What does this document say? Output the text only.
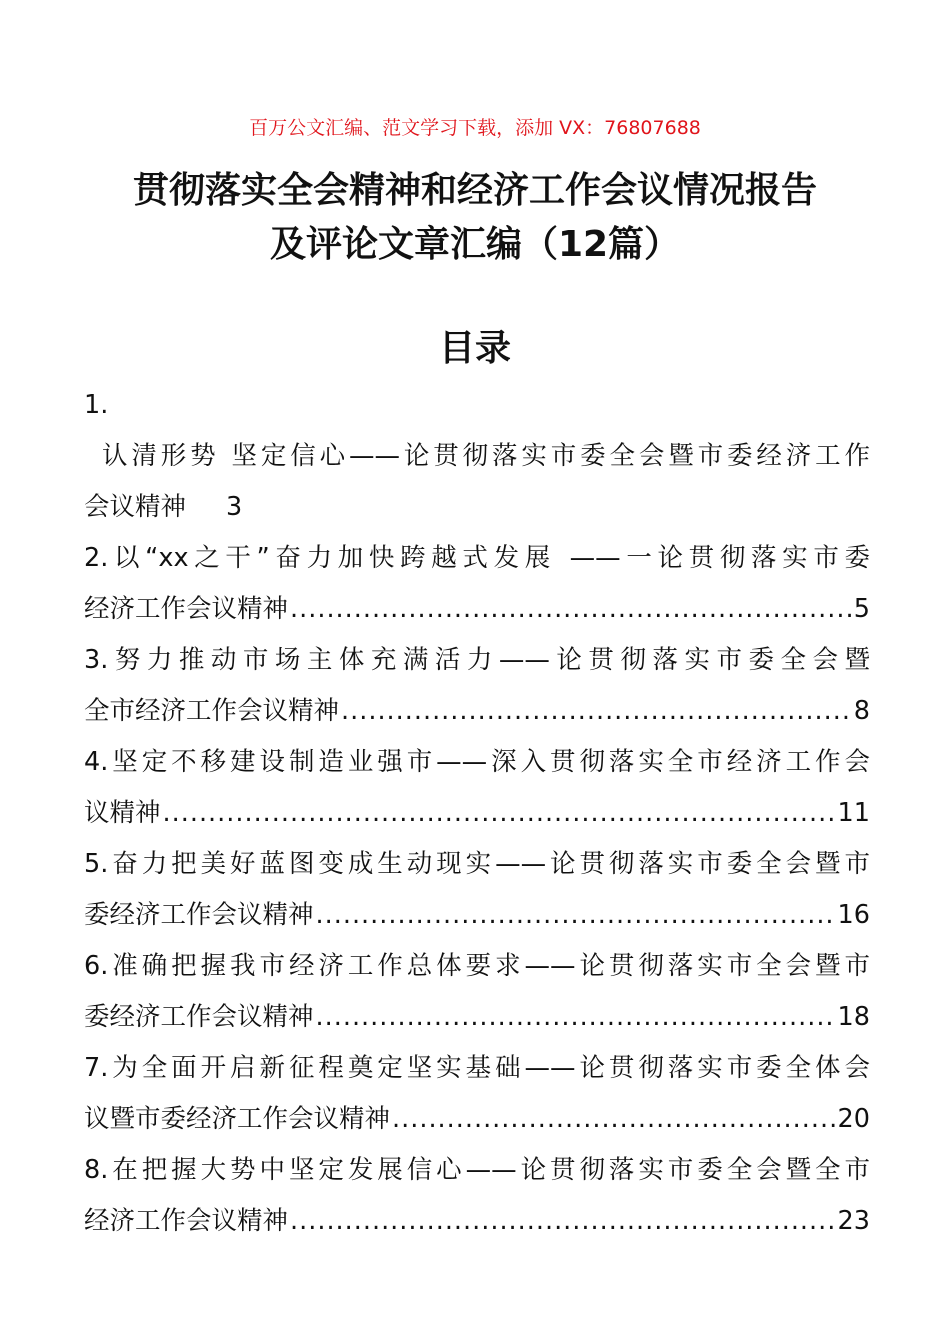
百万公文汇编、范文学习下载，添加 VX：76807688
贯彻落实全会精神和经济工作会议情况报告
及评论文章汇编（12篇）
目录
1.
认清形势 坚定信心——论贯彻落实市委全会暨市委经济工作
会议精神 3
2.以“xx之干”奋力加快跨越式发展 ——一论贯彻落实市委
经济工作会议精神 .....	5
3.努力推动市场主体充满活力——论贯彻落实市委全会暨
全市经济工作会议精神 .....	8
4.坚定不移建设制造业强市——深入贯彻落实全市经济工作会
议精神 .....	11
5.奋力把美好蓝图变成生动现实——论贯彻落实市委全会暨市
委经济工作会议精神 .....	16
6.准确把握我市经济工作总体要求——论贯彻落实市全会暨市
委经济工作会议精神 .....	18
7.为全面开启新征程奠定坚实基础——论贯彻落实市委全体会
议暨市委经济工作会议精神 .....	20
8.在把握大势中坚定发展信心——论贯彻落实市委全会暨全市
经济工作会议精神 .....	23
